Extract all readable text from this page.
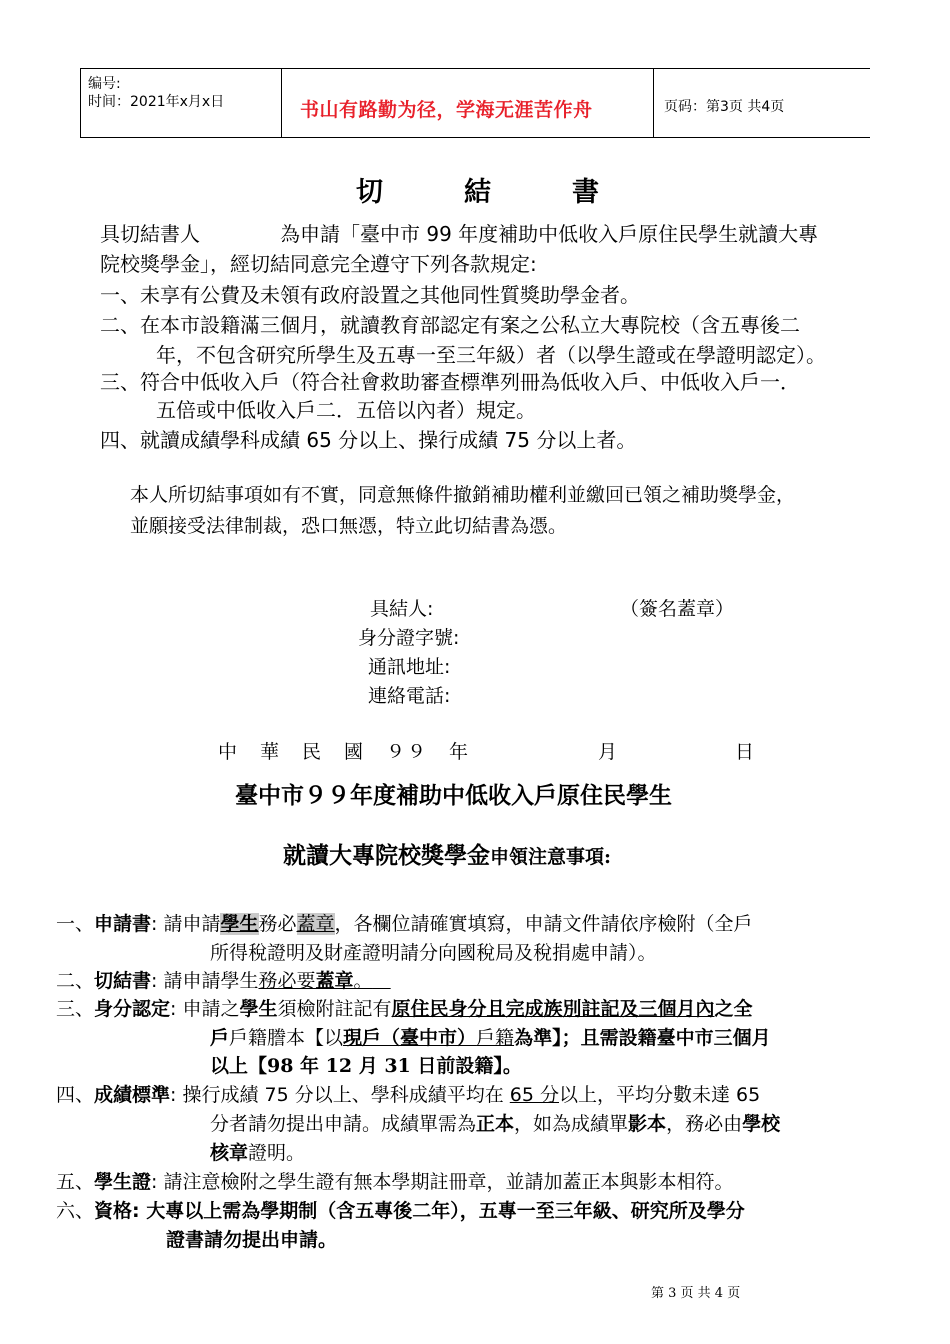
编号:
时间：2021年x月x日	书山有路勤为径，学海无涯苦作舟	页码：第3页 共4页
切　　　結　　　書
具切結書人　　　　為申請「臺中市 99 年度補助中低收入戶原住民學生就讀大專
院校獎學金」，經切結同意完全遵守下列各款規定:
一、未享有公費及未領有政府設置之其他同性質獎助學金者。
二、在本市設籍滿三個月，就讀教育部認定有案之公私立大專院校（含五專後二
年，不包含研究所學生及五專一至三年級）者（以學生證或在學證明認定）。
三、符合中低收入戶（符合社會救助審查標準列冊為低收入戶、中低收入戶一．
五倍或中低收入戶二．五倍以內者）規定。
四、就讀成績學科成績 65 分以上、操行成績 75 分以上者。
本人所切結事項如有不實，同意無條件撤銷補助權利並繳回已領之補助獎學金，
並願接受法律制裁，恐口無憑，特立此切結書為憑。
具結人:	（簽名蓋章）
身分證字號:
通訊地址:
連絡電話:
中　華　民　國　９９　年	月	日
臺中市９９年度補助中低收入戶原住民學生
就讀大專院校獎學金申領注意事項:
一、申請書: 請申請學生務必蓋章，各欄位請確實填寫，申請文件請依序檢附（全戶
所得稅證明及財產證明請分向國稅局及稅捐處申請）。
二、切結書: 請申請學生務必要蓋章。
三、身分認定: 申請之學生須檢附註記有原住民身分且完成族別註記及三個月內之全
戶戶籍謄本【以現戶（臺中市）戶籍為準】；且需設籍臺中市三個月
以上【98 年 12 月 31 日前設籍】。
四、成績標準: 操行成績 75 分以上、學科成績平均在 65 分以上，平均分數未達 65
分者請勿提出申請。成績單需為正本，如為成績單影本，務必由學校
核章證明。
五、學生證: 請注意檢附之學生證有無本學期註冊章，並請加蓋正本與影本相符。
六、資格: 大專以上需為學期制（含五專後二年），五專一至三年級、研究所及學分
證書請勿提出申請。
第 3 页 共 4 页
